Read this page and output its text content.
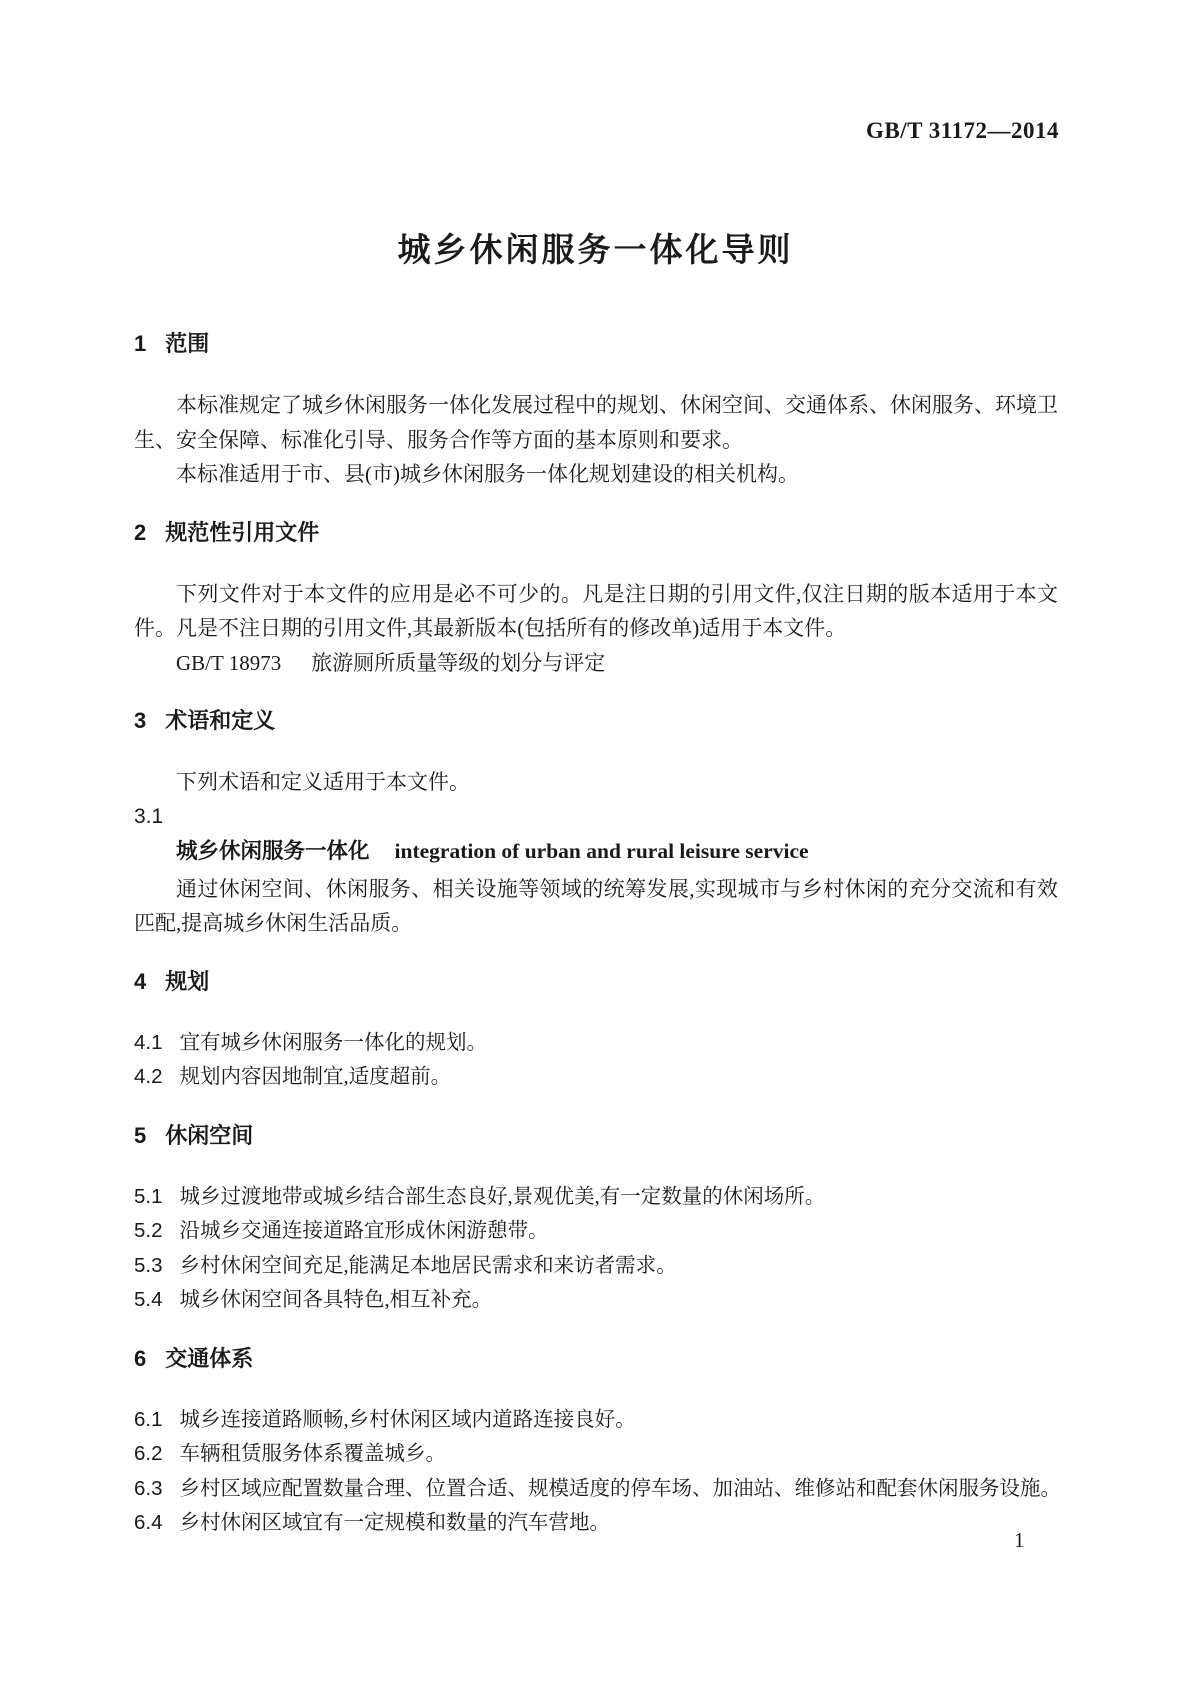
GB/T 31172—2014
城乡休闲服务一体化导则
1 范围

本标准规定了城乡休闲服务一体化发展过程中的规划、休闲空间、交通体系、休闲服务、环境卫生、安全保障、标准化引导、服务合作等方面的基本原则和要求。

本标准适用于市、县(市)城乡休闲服务一体化规划建设的相关机构。

2 规范性引用文件

下列文件对于本文件的应用是必不可少的。凡是注日期的引用文件,仅注日期的版本适用于本文件。凡是不注日期的引用文件,其最新版本(包括所有的修改单)适用于本文件。

GB/T 18973 旅游厕所质量等级的划分与评定
3 术语和定义

下列术语和定义适用于本文件。

3.1
城乡休闲服务一体化 integration of urban and rural leisure service

通过休闲空间、休闲服务、相关设施等领域的统筹发展,实现城市与乡村休闲的充分交流和有效匹配,提高城乡休闲生活品质。

4 规划
4.1 宜有城乡休闲服务一体化的规划。
4.2 规划内容因地制宜,适度超前。
5 休闲空间
5.1 城乡过渡地带或城乡结合部生态良好,景观优美,有一定数量的休闲场所。
5.2 沿城乡交通连接道路宜形成休闲游憩带。
5.3 乡村休闲空间充足,能满足本地居民需求和来访者需求。
5.4 城乡休闲空间各具特色,相互补充。
6 交通体系
6.1 城乡连接道路顺畅,乡村休闲区域内道路连接良好。
6.2 车辆租赁服务体系覆盖城乡。
6.3 乡村区域应配置数量合理、位置合适、规模适度的停车场、加油站、维修站和配套休闲服务设施。
6.4 乡村休闲区域宜有一定规模和数量的汽车营地。
1
